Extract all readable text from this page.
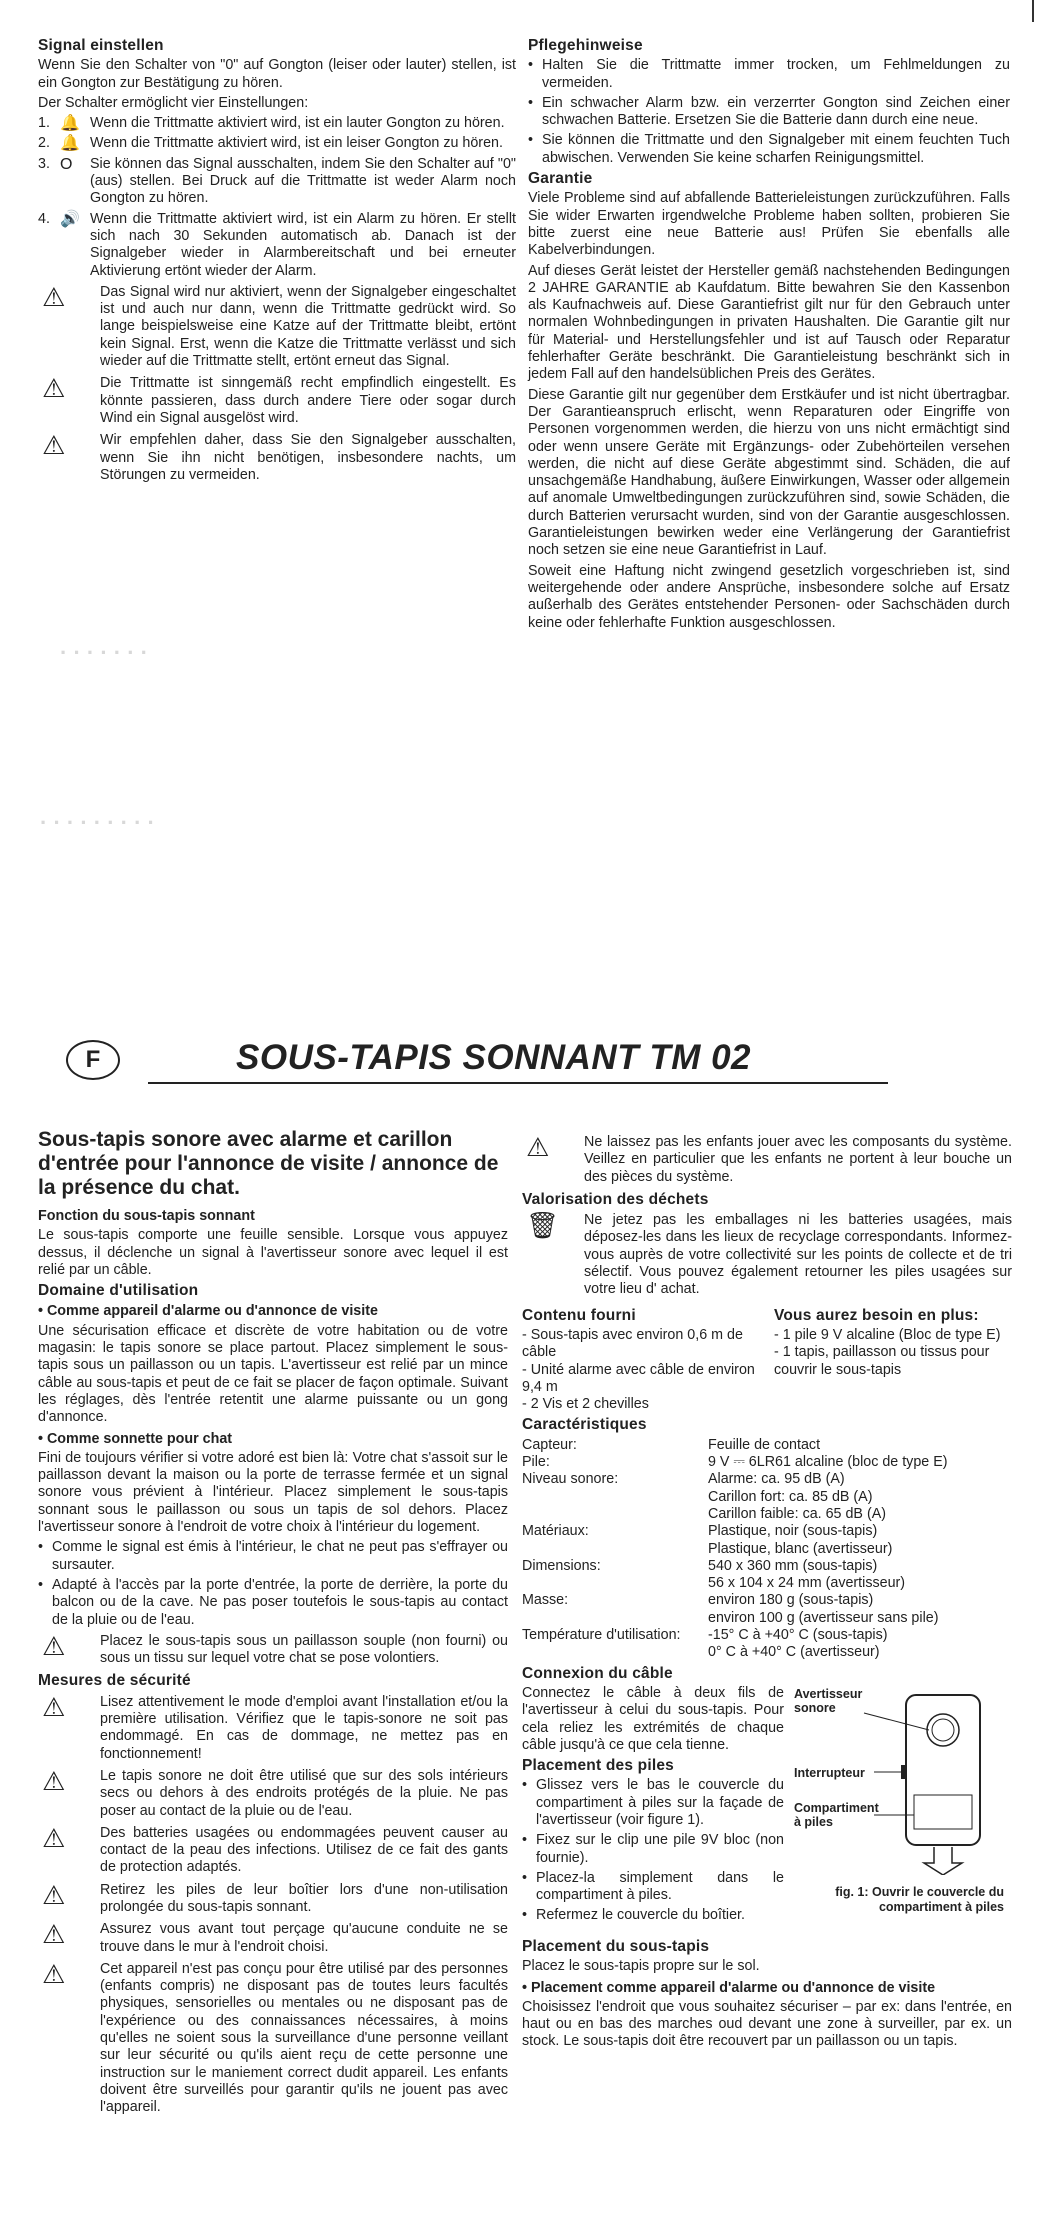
Signal einstellen

Wenn Sie den Schalter von "0" auf Gongton (leiser oder lauter) stellen, ist ein Gongton zur Bestätigung zu hören.

Der Schalter ermöglicht vier Einstellungen:

1. 🔔 Wenn die Trittmatte aktiviert wird, ist ein lauter Gongton zu hören.
2. 🔔 Wenn die Trittmatte aktiviert wird, ist ein leiser Gongton zu hören.
3. O	Sie können das Signal ausschalten, indem Sie den Schalter auf "0" (aus) stellen. Bei Druck auf die Trittmatte ist weder Alarm noch Gongton zu hören.
4. 🔊 Wenn die Trittmatte aktiviert wird, ist ein Alarm zu hören. Er stellt sich nach 30 Sekunden automatisch ab. Danach ist der Signalgeber wieder in Alarmbereitschaft und bei erneuter Aktivierung ertönt wieder der Alarm.
⚠	Das Signal wird nur aktiviert, wenn der Signalgeber eingeschaltet ist und auch nur dann, wenn die Trittmatte gedrückt wird. So lange beispielsweise eine Katze auf der Trittmatte bleibt, ertönt kein Signal. Erst, wenn die Katze die Trittmatte verlässt und sich wieder auf die Trittmatte stellt, ertönt erneut das Signal.
⚠	Die Trittmatte ist sinngemäß recht empfindlich eingestellt. Es könnte passieren, dass durch andere Tiere oder sogar durch Wind ein Signal ausgelöst wird.
⚠	Wir empfehlen daher, dass Sie den Signalgeber ausschalten, wenn Sie ihn nicht benötigen, insbesondere nachts, um Störungen zu vermeiden.
Pflegehinweise
• Halten Sie die Trittmatte immer trocken, um Fehlmeldungen zu vermeiden.
• Ein schwacher Alarm bzw. ein verzerrter Gongton sind Zeichen einer schwachen Batterie. Ersetzen Sie die Batterie dann durch eine neue.
• Sie können die Trittmatte und den Signalgeber mit einem feuchten Tuch abwischen. Verwenden Sie keine scharfen Reinigungsmittel.
Garantie

Viele Probleme sind auf abfallende Batterieleistungen zurückzuführen. Falls Sie wider Erwarten irgendwelche Probleme haben sollten, probieren Sie bitte zuerst eine neue Batterie aus! Prüfen Sie ebenfalls alle Kabelverbindungen.

Auf dieses Gerät leistet der Hersteller gemäß nachstehenden Bedingungen 2 JAHRE GARANTIE ab Kaufdatum. Bitte bewahren Sie den Kassenbon als Kaufnachweis auf. Diese Garantiefrist gilt nur für den Gebrauch unter normalen Wohnbedingungen in privaten Haushalten. Die Garantie gilt nur für Material- und Herstellungsfehler und ist auf Tausch oder Reparatur fehlerhafter Geräte beschränkt. Die Garantieleistung beschränkt sich in jedem Fall auf den handelsüblichen Preis des Gerätes.

Diese Garantie gilt nur gegenüber dem Erstkäufer und ist nicht übertragbar. Der Garantieanspruch erlischt, wenn Reparaturen oder Eingriffe von Personen vorgenommen werden, die hierzu von uns nicht ermächtigt sind oder wenn unsere Geräte mit Ergänzungs- oder Zubehörteilen versehen werden, die nicht auf diese Geräte abgestimmt sind. Schäden, die auf unsachgemäße Handhabung, äußere Einwirkungen, Wasser oder allgemein auf anomale Umweltbedingungen zurückzuführen sind, sowie Schäden, die durch Batterien verursacht wurden, sind von der Garantie ausgeschlossen. Garantieleistungen bewirken weder eine Verlängerung der Garantiefrist noch setzen sie eine neue Garantiefrist in Lauf.

Soweit eine Haftung nicht zwingend gesetzlich vorgeschrieben ist, sind weitergehende oder andere Ansprüche, insbesondere solche auf Ersatz außerhalb des Gerätes entstehender Personen- oder Sachschäden durch keine oder fehlerhafte Funktion ausgeschlossen.

· · · · · · ·
· · · · · · · · ·
F	SOUS-TAPIS SONNANT TM 02
Sous-tapis sonore avec alarme et carillon d'entrée pour l'annonce de visite / annonce de la présence du chat.
Fonction du sous-tapis sonnant

Le sous-tapis comporte une feuille sensible. Lorsque vous appuyez dessus, il déclenche un signal à l'avertisseur sonore avec lequel il est relié par un câble.

Domaine d'utilisation
• Comme appareil d'alarme ou d'annonce de visite

Une sécurisation efficace et discrète de votre habitation ou de votre magasin: le tapis sonore se place partout. Placez simplement le sous-tapis sous un paillasson ou un tapis. L'avertisseur est relié par un mince câble au sous-tapis et peut de ce fait se placer de façon optimale. Suivant les réglages, dès l'entrée retentit une alarme puissante ou un gong d'annonce.

• Comme sonnette pour chat

Fini de toujours vérifier si votre adoré est bien là: Votre chat s'assoit sur le paillasson devant la maison ou la porte de terrasse fermée et un signal sonore vous prévient à l'intérieur. Placez simplement le sous-tapis sonnant sous le paillasson ou sous un tapis de sol dehors. Placez l'avertisseur sonore à l'endroit de votre choix à l'intérieur du logement.

• Comme le signal est émis à l'intérieur, le chat ne peut pas s'effrayer ou sursauter.
• Adapté à l'accès par la porte d'entrée, la porte de derrière, la porte du balcon ou de la cave. Ne pas poser toutefois le sous-tapis au contact de la pluie ou de l'eau.
⚠	Placez le sous-tapis sous un paillasson souple (non fourni) ou sous un tissu sur lequel votre chat se pose volontiers.
Mesures de sécurité
⚠	Lisez attentivement le mode d'emploi avant l'installation et/ou la première utilisation. Vérifiez que le tapis-sonore ne soit pas endommagé. En cas de dommage, ne mettez pas en fonctionnement!
⚠	Le tapis sonore ne doit être utilisé que sur des sols intérieurs secs ou dehors à des endroits protégés de la pluie. Ne pas poser au contact de la pluie ou de l'eau.
⚠	Des batteries usagées ou endommagées peuvent causer au contact de la peau des infections. Utilisez de ce fait des gants de protection adaptés.
⚠	Retirez les piles de leur boîtier lors d'une non-utilisation prolongée du sous-tapis sonnant.
⚠	Assurez vous avant tout perçage qu'aucune conduite ne se trouve dans le mur à l'endroit choisi.
⚠	Cet appareil n'est pas conçu pour être utilisé par des personnes (enfants compris) ne disposant pas de toutes leurs facultés physiques, sensorielles ou mentales ou ne disposant pas de l'expérience ou des connaissances nécessaires, à moins qu'elles ne soient sous la surveillance d'une personne veillant sur leur sécurité ou qu'ils aient reçu de cette personne une instruction sur le maniement correct dudit appareil. Les enfants doivent être surveillés pour garantir qu'ils ne jouent pas avec l'appareil.
⚠	Ne laissez pas les enfants jouer avec les composants du système. Veillez en particulier que les enfants ne portent à leur bouche un des pièces du système.
Valorisation des déchets
🗑	Ne jetez pas les emballages ni les batteries usagées, mais déposez-les dans les lieux de recyclage correspondants. Informez-vous auprès de votre collectivité sur les points de collecte et de tri sélectif. Vous pouvez également retourner les piles usagées sur votre lieu d' achat.
Contenu fourni
- Sous-tapis avec environ 0,6 m de câble
- Unité alarme avec câble de environ 9,4 m
- 2 Vis et 2 chevilles
Vous aurez besoin en plus:
- 1 pile 9 V alcaline (Bloc de type E)
- 1 tapis, paillasson ou tissus pour couvrir le sous-tapis
Caractéristiques
Capteur:	Feuille de contact
Pile:	9 V ⎓ 6LR61 alcaline (bloc de type E)
Niveau sonore:	Alarme: ca. 95 dB (A)
Carillon fort: ca. 85 dB (A)
Carillon faible: ca. 65 dB (A)
Matériaux:	Plastique, noir (sous-tapis)
Plastique, blanc (avertisseur)
Dimensions:	540 x 360 mm (sous-tapis)
56 x 104 x 24 mm (avertisseur)
Masse:	environ 180 g (sous-tapis)
environ 100 g (avertisseur sans pile)
Température d'utilisation:	-15° C à +40° C (sous-tapis)
0° C à +40° C (avertisseur)
Connexion du câble

Connectez le câble à deux fils de l'avertisseur à celui du sous-tapis. Pour cela reliez les extrémités de chaque câble jusqu'à ce que cela tienne.

Placement des piles
• Glissez vers le bas le couvercle du compartiment à piles sur la façade de l'avertisseur (voir figure 1).
• Fixez sur le clip une pile 9V bloc (non fournie).
• Placez-la simplement dans le compartiment à piles.
• Refermez le couvercle du boîtier.
Avertisseur sonore
Interrupteur
Compartiment à piles
fig. 1: Ouvrir le couvercle du compartiment à piles
Placement du sous-tapis

Placez le sous-tapis propre sur le sol.

• Placement comme appareil d'alarme ou d'annonce de visite

Choisissez l'endroit que vous souhaitez sécuriser – par ex: dans l'entrée, en haut ou en bas des marches oud devant une zone à surveiller, par ex. un stock. Le sous-tapis doit être recouvert par un paillasson ou un tapis.
